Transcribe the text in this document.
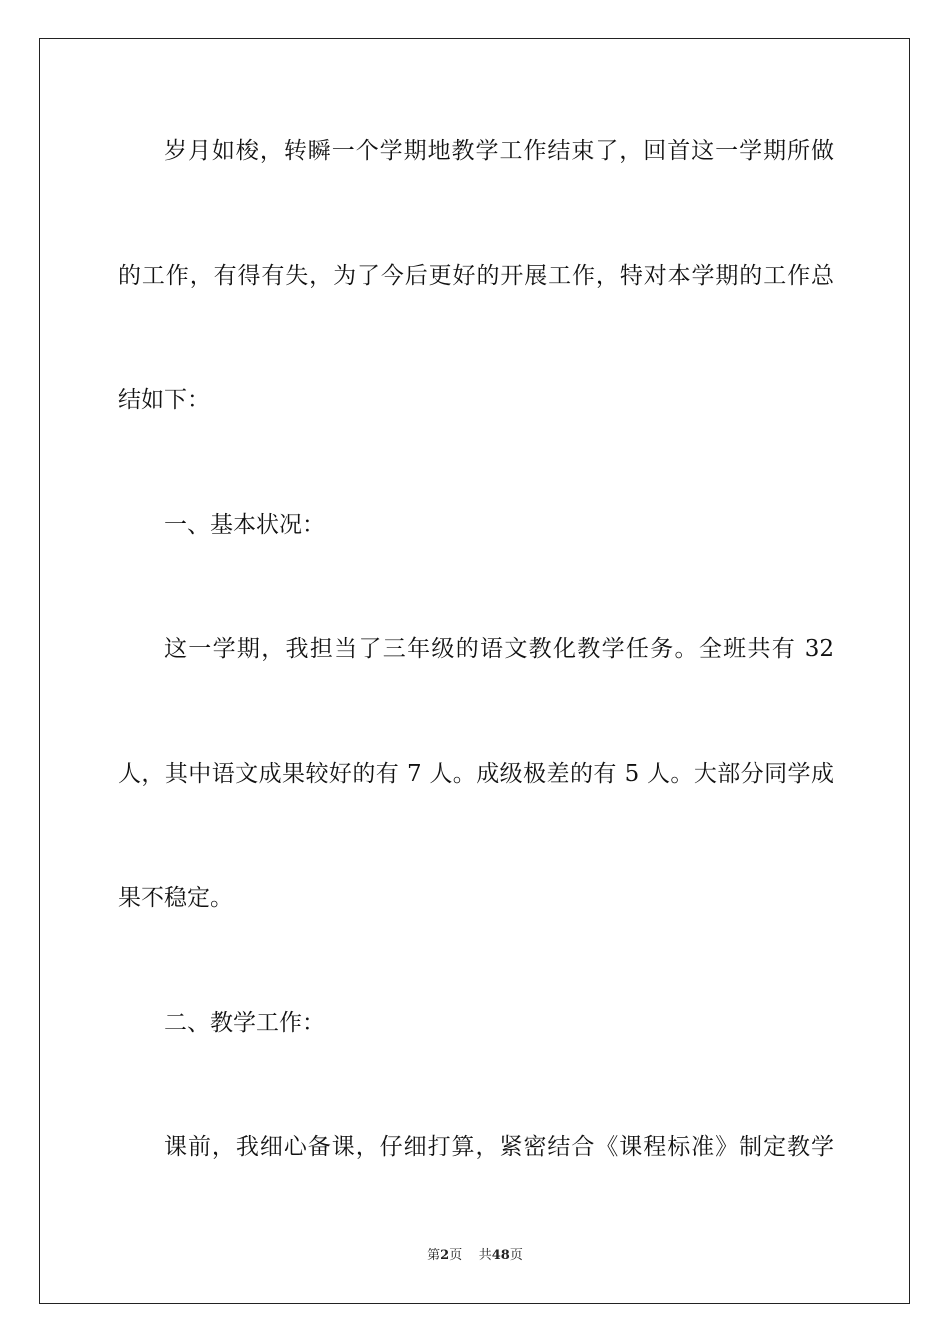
岁月如梭，转瞬一个学期地教学工作结束了，回首这一学期所做
的工作，有得有失，为了今后更好的开展工作，特对本学期的工作总
结如下：
一、基本状况：
这一学期，我担当了三年级的语文教化教学任务。全班共有 32
人，其中语文成果较好的有 7 人。成级极差的有 5 人。大部分同学成
果不稳定。
二、教学工作：
课前，我细心备课，仔细打算，紧密结合《课程标准》制定教学
第2页 共48页
